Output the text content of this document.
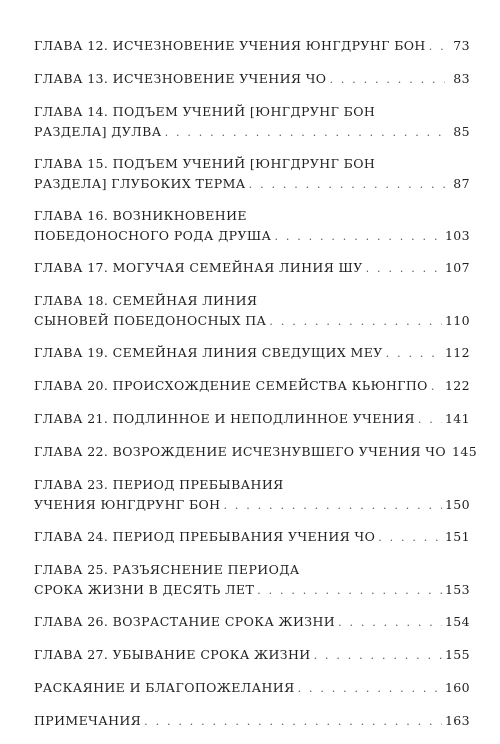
ГЛАВА 12. ИСЧЕЗНОВЕНИЕ УЧЕНИЯ ЮНГДРУНГ БОН . . .	73
ГЛАВА 13. ИСЧЕЗНОВЕНИЕ УЧЕНИЯ ЧО . . .	83
ГЛАВА 14. ПОДЪЕМ УЧЕНИЙ [ЮНГДРУНГ БОН
РАЗДЕЛА] ДУЛВА . . .	85
ГЛАВА 15. ПОДЪЕМ УЧЕНИЙ [ЮНГДРУНГ БОН
РАЗДЕЛА] ГЛУБОКИХ ТЕРМА . . .	87
ГЛАВА 16. ВОЗНИКНОВЕНИЕ
ПОБЕДОНОСНОГО РОДА ДРУША . . .	103
ГЛАВА 17. МОГУЧАЯ СЕМЕЙНАЯ ЛИНИЯ ШУ . . .	107
ГЛАВА 18. СЕМЕЙНАЯ ЛИНИЯ
СЫНОВЕЙ ПОБЕДОНОСНЫХ ПА . . .	110
ГЛАВА 19. СЕМЕЙНАЯ ЛИНИЯ СВЕДУЩИХ МЕУ . . .	112
ГЛАВА 20. ПРОИСХОЖДЕНИЕ СЕМЕЙСТВА КЬЮНГПО . . . 122
ГЛАВА 21. ПОДЛИННОЕ И НЕПОДЛИННОЕ УЧЕНИЯ . . . 141
ГЛАВА 22. ВОЗРОЖДЕНИЕ ИСЧЕЗНУВШЕГО УЧЕНИЯ ЧО 145
ГЛАВА 23. ПЕРИОД ПРЕБЫВАНИЯ
УЧЕНИЯ ЮНГДРУНГ БОН . . .	150
ГЛАВА 24. ПЕРИОД ПРЕБЫВАНИЯ УЧЕНИЯ ЧО . . .	151
ГЛАВА 25. РАЗЪЯСНЕНИЕ ПЕРИОДА
СРОКА ЖИЗНИ В ДЕСЯТЬ ЛЕТ . . .	153
ГЛАВА 26. ВОЗРАСТАНИЕ СРОКА ЖИЗНИ . . .	154
ГЛАВА 27. УБЫВАНИЕ СРОКА ЖИЗНИ . . .	155
РАСКАЯНИЕ И БЛАГОПОЖЕЛАНИЯ . . .	160
ПРИМЕЧАНИЯ . . .	163
